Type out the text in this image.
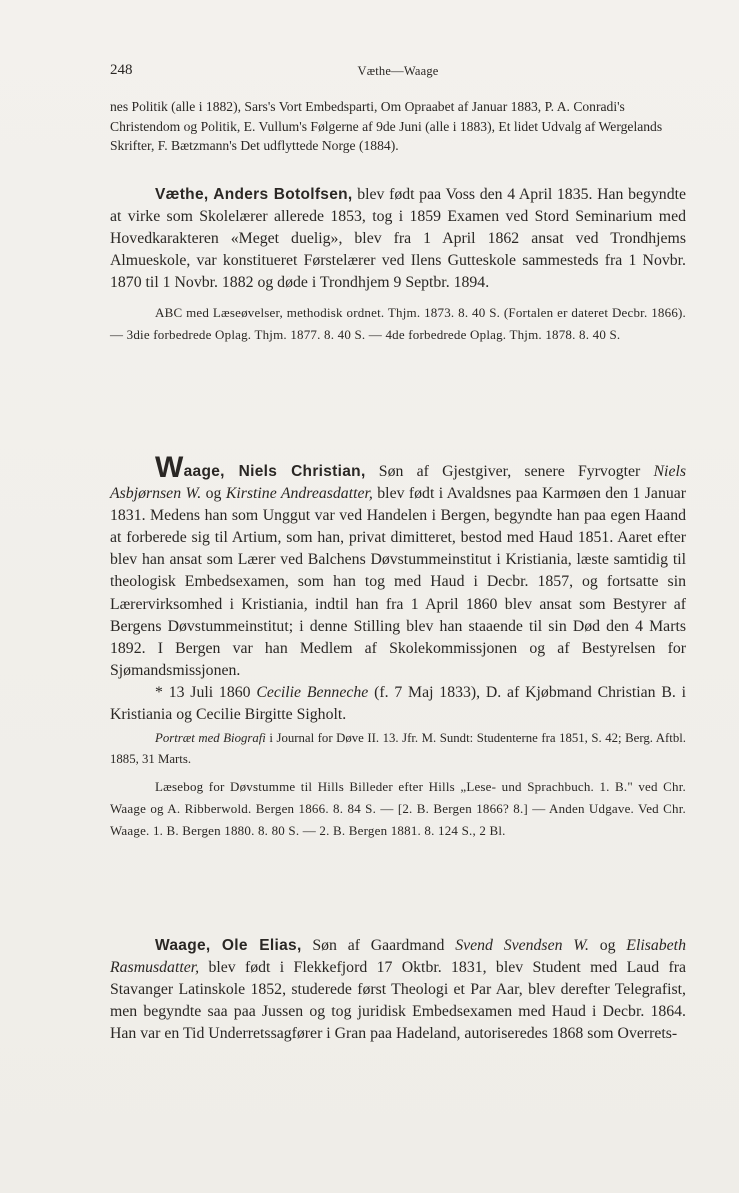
248	Væthe—Waage

nes Politik (alle i 1882), Sars's Vort Embedsparti, Om Opraabet af Januar 1883, P. A. Conradi's Christendom og Politik, E. Vullum's Følgerne af 9de Juni (alle i 1883), Et lidet Udvalg af Wergelands Skrifter, F. Bætzmann's Det udflyttede Norge (1884).

Væthe, Anders Botolfsen, blev født paa Voss den 4 April 1835. Han begyndte at virke som Skolelærer allerede 1853, tog i 1859 Examen ved Stord Seminarium med Hovedkarakteren «Meget duelig», blev fra 1 April 1862 ansat ved Trondhjems Almueskole, var konstitueret Førstelærer ved Ilens Gutteskole sammesteds fra 1 Novbr. 1870 til 1 Novbr. 1882 og døde i Trondhjem 9 Septbr. 1894.

ABC med Læseøvelser, methodisk ordnet. Thjm. 1873. 8. 40 S. (Fortalen er dateret Decbr. 1866). — 3die forbedrede Oplag. Thjm. 1877. 8. 40 S. — 4de forbedrede Oplag. Thjm. 1878. 8. 40 S.

Waage, Niels Christian, Søn af Gjestgiver, senere Fyrvogter Niels Asbjørnsen W. og Kirstine Andreasdatter, blev født i Avaldsnes paa Karmøen den 1 Januar 1831. Medens han som Unggut var ved Handelen i Bergen, begyndte han paa egen Haand at forberede sig til Artium, som han, privat dimitteret, bestod med Haud 1851. Aaret efter blev han ansat som Lærer ved Balchens Døvstummeinstitut i Kristiania, læste samtidig til theologisk Embedsexamen, som han tog med Haud i Decbr. 1857, og fortsatte sin Lærervirksomhed i Kristiania, indtil han fra 1 April 1860 blev ansat som Bestyrer af Bergens Døvstummeinstitut; i denne Stilling blev han staaende til sin Død den 4 Marts 1892. I Bergen var han Medlem af Skolekommissjonen og af Bestyrelsen for Sjømandsmissjonen.

* 13 Juli 1860 Cecilie Benneche (f. 7 Maj 1833), D. af Kjøbmand Christian B. i Kristiania og Cecilie Birgitte Sigholt.

Portræt med Biografi i Journal for Døve II. 13. Jfr. M. Sundt: Studenterne fra 1851, S. 42; Berg. Aftbl. 1885, 31 Marts.

Læsebog for Døvstumme til Hills Billeder efter Hills „Lese- und Sprachbuch. 1. B." ved Chr. Waage og A. Ribberwold. Bergen 1866. 8. 84 S. — [2. B. Bergen 1866? 8.] — Anden Udgave. Ved Chr. Waage. 1. B. Bergen 1880. 8. 80 S. — 2. B. Bergen 1881. 8. 124 S., 2 Bl.

Waage, Ole Elias, Søn af Gaardmand Svend Svendsen W. og Elisabeth Rasmusdatter, blev født i Flekkefjord 17 Oktbr. 1831, blev Student med Laud fra Stavanger Latinskole 1852, studerede først Theologi et Par Aar, blev derefter Telegrafist, men begyndte saa paa Jussen og tog juridisk Embedsexamen med Haud i Decbr. 1864. Han var en Tid Underretssagfører i Gran paa Hadeland, autoriseredes 1868 som Overrets-
